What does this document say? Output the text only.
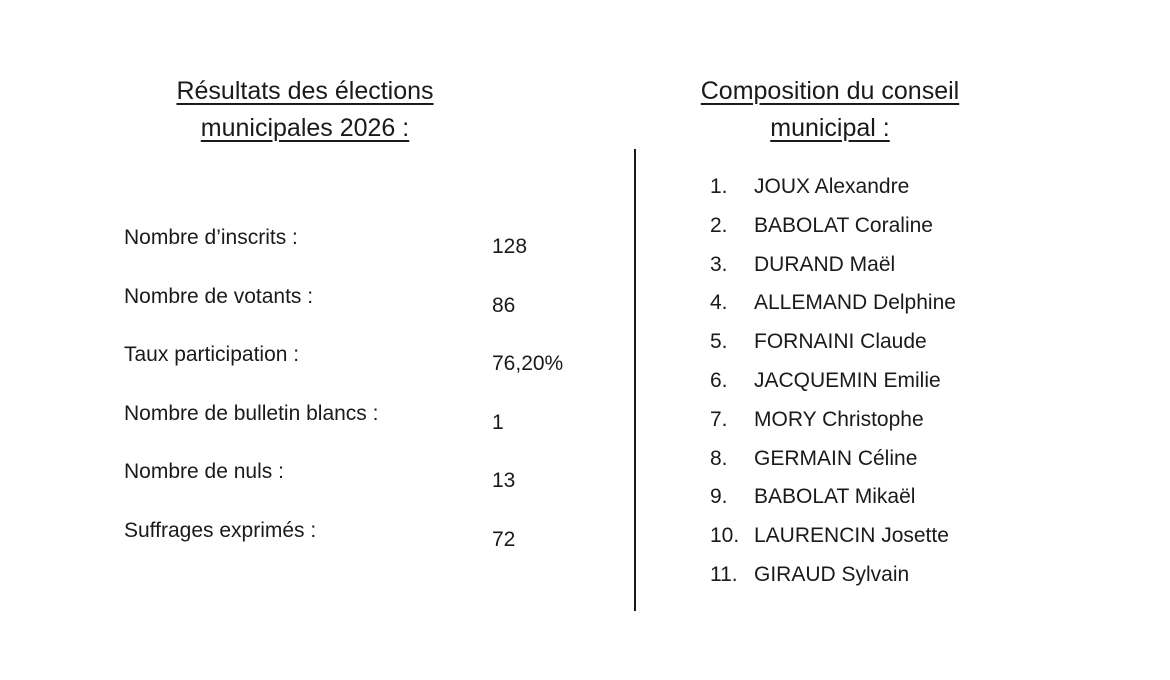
Résultats des élections
municipales 2026 :
Composition du conseil
municipal :
Nombre d’inscrits :	128
Nombre de votants :	86
Taux participation :	76,20%
Nombre de bulletin blancs :	1
Nombre de nuls :	13
Suffrages exprimés :	72
1. JOUX Alexandre
2. BABOLAT Coraline
3. DURAND Maël
4. ALLEMAND Delphine
5. FORNAINI Claude
6. JACQUEMIN Emilie
7. MORY Christophe
8. GERMAIN Céline
9. BABOLAT Mikaël
10. LAURENCIN Josette
11. GIRAUD Sylvain
